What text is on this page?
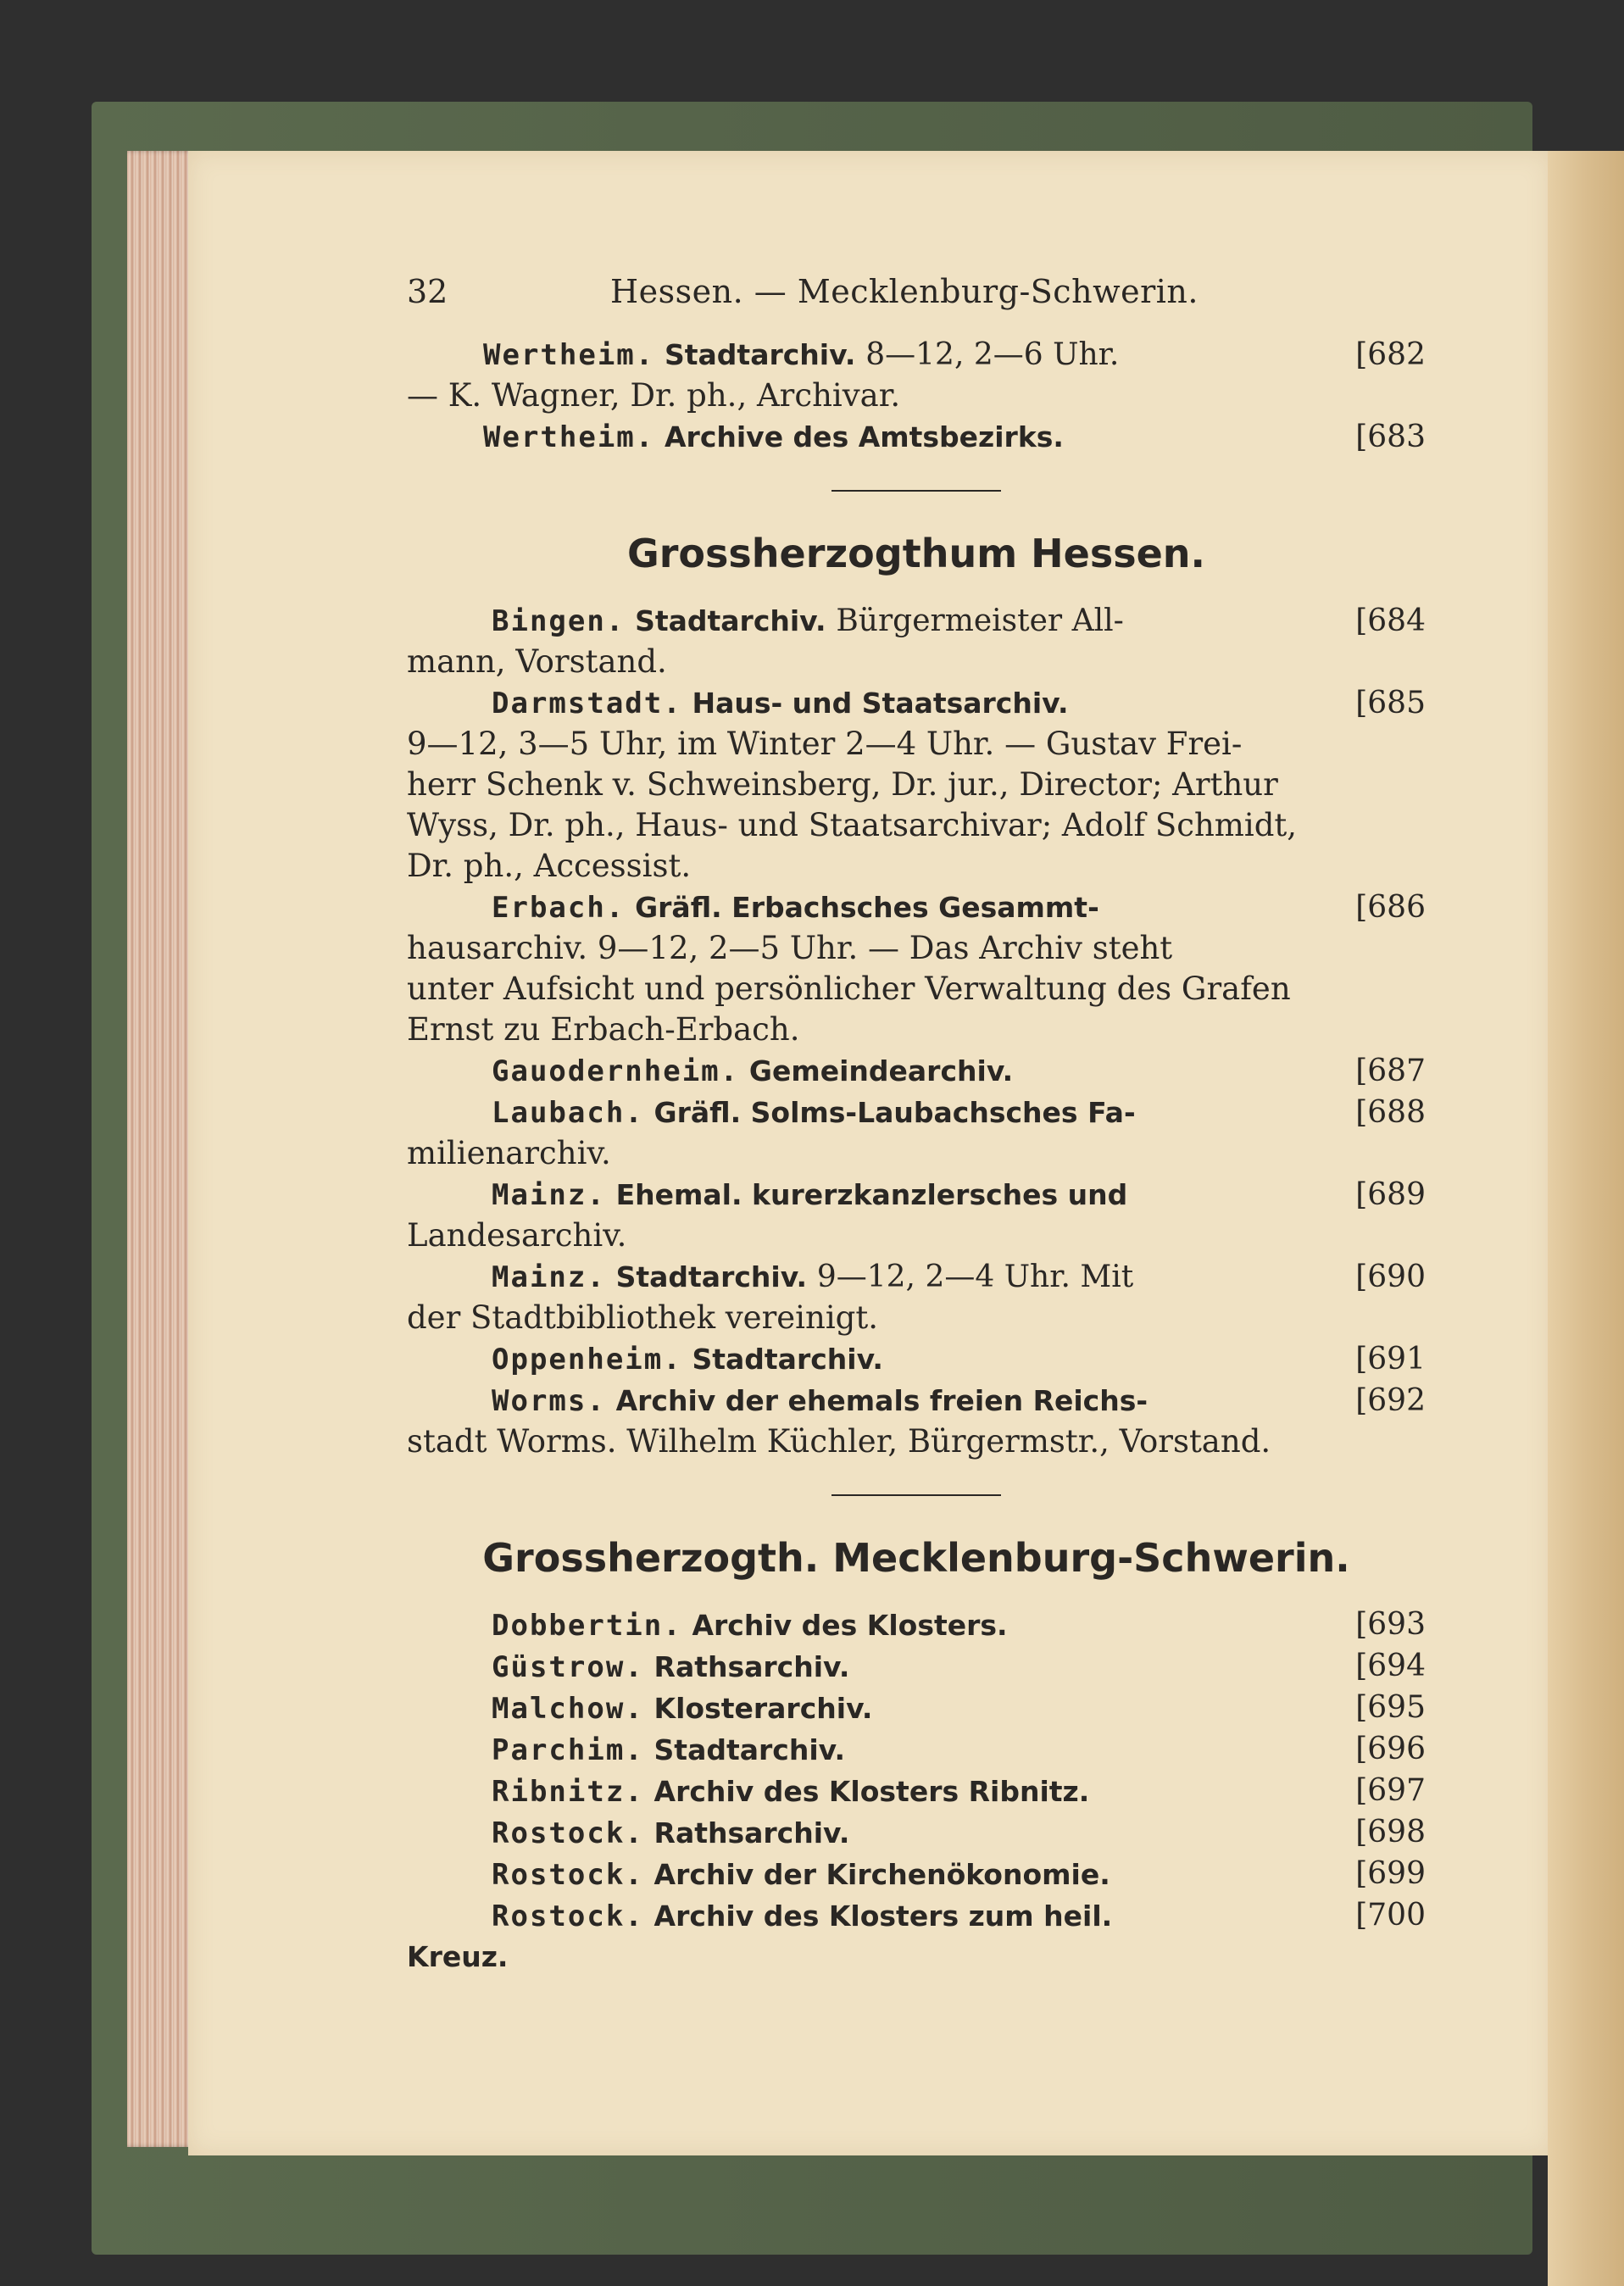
32	Hessen. — Mecklenburg-Schwerin.
Wertheim. Stadtarchiv. 8—12, 2—6 Uhr.	[682
— K. Wagner, Dr. ph., Archivar.
Wertheim. Archive des Amtsbezirks.	[683
Grossherzogthum Hessen.
Bingen. Stadtarchiv. Bürgermeister All-	[684
mann, Vorstand.
Darmstadt. Haus- und Staatsarchiv.	[685
9—12, 3—5 Uhr, im Winter 2—4 Uhr. — Gustav Frei-
herr Schenk v. Schweinsberg, Dr. jur., Director; Arthur
Wyss, Dr. ph., Haus- und Staatsarchivar; Adolf Schmidt,
Dr. ph., Accessist.
Erbach. Gräfl. Erbachsches Gesammt-	[686
hausarchiv. 9—12, 2—5 Uhr. — Das Archiv steht
unter Aufsicht und persönlicher Verwaltung des Grafen
Ernst zu Erbach-Erbach.
Gauodernheim. Gemeindearchiv.	[687
Laubach. Gräfl. Solms-Laubachsches Fa-	[688
milienarchiv.
Mainz. Ehemal. kurerzkanzlersches und	[689
Landesarchiv.
Mainz. Stadtarchiv. 9—12, 2—4 Uhr. Mit	[690
der Stadtbibliothek vereinigt.
Oppenheim. Stadtarchiv.	[691
Worms. Archiv der ehemals freien Reichs-	[692
stadt Worms. Wilhelm Küchler, Bürgermstr., Vorstand.
Grossherzogth. Mecklenburg-Schwerin.
Dobbertin. Archiv des Klosters.	[693
Güstrow. Rathsarchiv.	[694
Malchow. Klosterarchiv.	[695
Parchim. Stadtarchiv.	[696
Ribnitz. Archiv des Klosters Ribnitz.	[697
Rostock. Rathsarchiv.	[698
Rostock. Archiv der Kirchenökonomie.	[699
Rostock. Archiv des Klosters zum heil.	[700
Kreuz.
